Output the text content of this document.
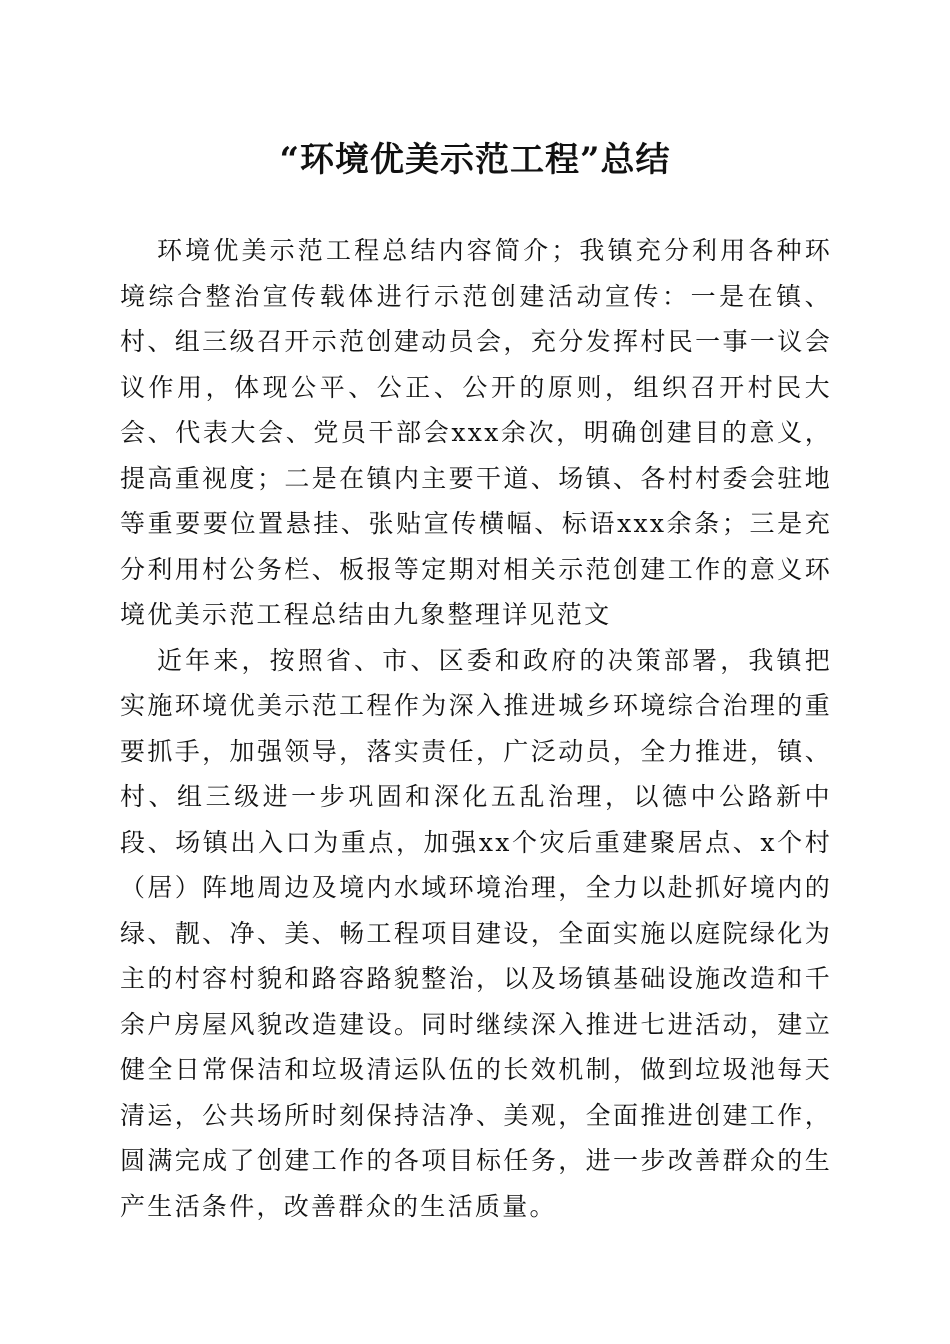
“环境优美示范工程”总结

环境优美示范工程总结内容简介；我镇充分利用各种环境综合整治宣传载体进行示范创建活动宣传：一是在镇、村、组三级召开示范创建动员会，充分发挥村民一事一议会议作用，体现公平、公正、公开的原则，组织召开村民大会、代表大会、党员干部会xxx余次，明确创建目的意义，提高重视度；二是在镇内主要干道、场镇、各村村委会驻地等重要要位置悬挂、张贴宣传横幅、标语xxx余条；三是充分利用村公务栏、板报等定期对相关示范创建工作的意义环境优美示范工程总结由九象整理详见范文

近年来，按照省、市、区委和政府的决策部署，我镇把实施环境优美示范工程作为深入推进城乡环境综合治理的重要抓手，加强领导，落实责任，广泛动员，全力推进，镇、村、组三级进一步巩固和深化五乱治理，以德中公路新中段、场镇出入口为重点，加强xx个灾后重建聚居点、x个村（居）阵地周边及境内水域环境治理，全力以赴抓好境内的绿、靓、净、美、畅工程项目建设，全面实施以庭院绿化为主的村容村貌和路容路貌整治，以及场镇基础设施改造和千余户房屋风貌改造建设。同时继续深入推进七进活动，建立健全日常保洁和垃圾清运队伍的长效机制，做到垃圾池每天清运，公共场所时刻保持洁净、美观，全面推进创建工作，圆满完成了创建工作的各项目标任务，进一步改善群众的生产生活条件，改善群众的生活质量。
